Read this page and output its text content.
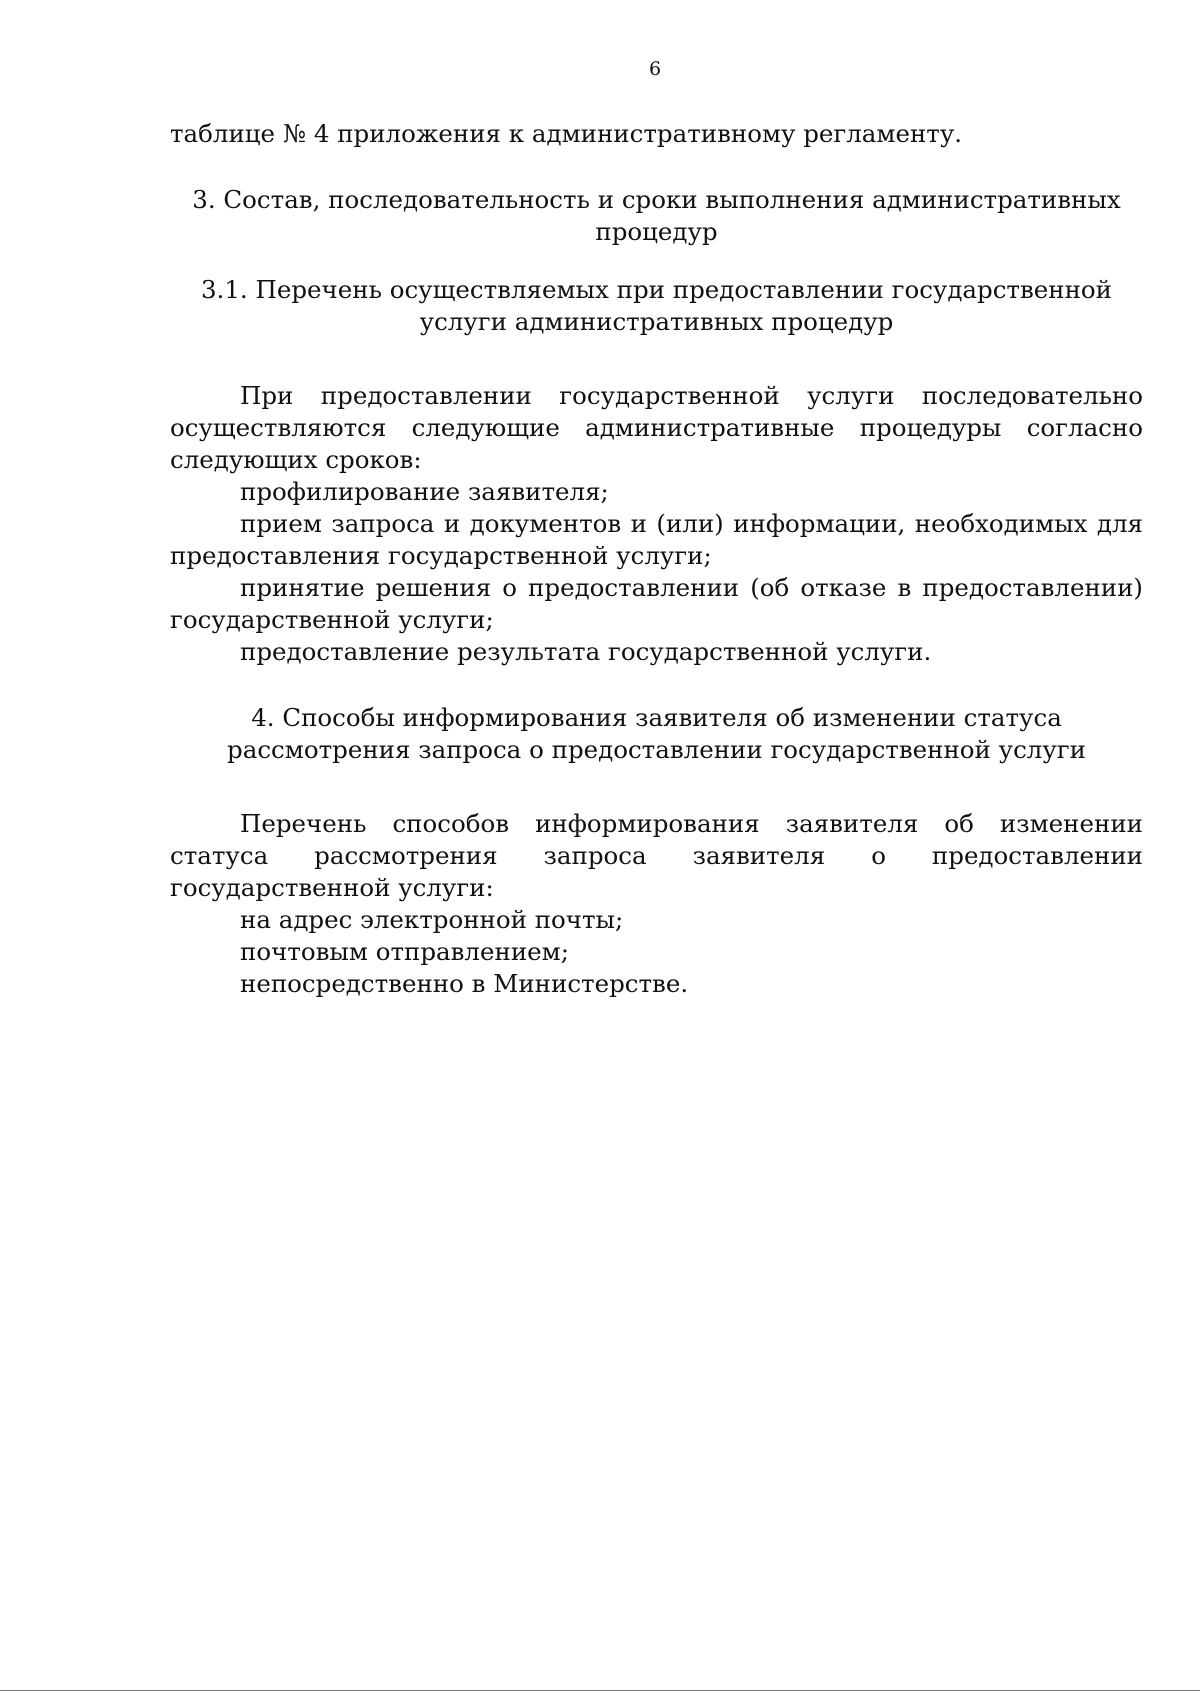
6

таблице № 4 приложения к административному регламенту.

3. Состав, последовательность и сроки выполнения административных процедур

3.1. Перечень осуществляемых при предоставлении государственной услуги административных процедур

При предоставлении государственной услуги последовательно осуществляются следующие административные процедуры согласно следующих сроков:

профилирование заявителя;

прием запроса и документов и (или) информации, необходимых для предоставления государственной услуги;

принятие решения о предоставлении (об отказе в предоставлении) государственной услуги;

предоставление результата государственной услуги.

4. Способы информирования заявителя об изменении статуса рассмотрения запроса о предоставлении государственной услуги

Перечень способов информирования заявителя об изменении статуса рассмотрения запроса заявителя о предоставлении государственной услуги:

на адрес электронной почты;

почтовым отправлением;

непосредственно в Министерстве.
